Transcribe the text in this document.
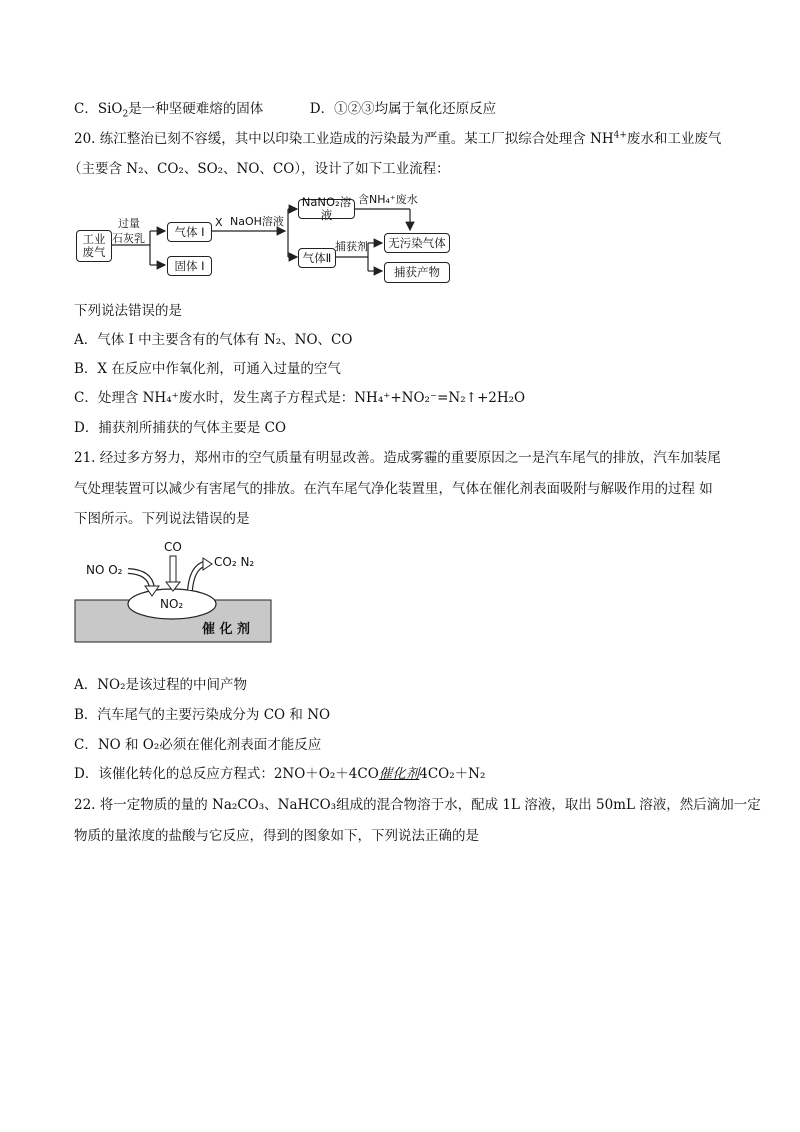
C．SiO$_2$是一种坚硬难熔的固体	D．①②③均属于氧化还原反应
20. 练江整治已刻不容缓，其中以印染工业造成的污染最为严重。某工厂拟综合处理含 $NH^{4+}$废水和工业废气
（主要含 N₂、CO₂、SO₂、NO、CO），设计了如下工业流程：
工业
废气
过量
石灰乳	气体 I
固体 I
X NaOH溶液
NaNO₂溶液
含NH₄⁺废水
气体Ⅱ
捕获剂	无污染气体
捕获产物
下列说法错误的是
A．气体 I 中主要含有的气体有 N₂、NO、CO
B．X 在反应中作氧化剂，可通入过量的空气
C．处理含 NH₄⁺废水时，发生离子方程式是：NH₄⁺+NO₂⁻=N₂↑+2H₂O
D．捕获剂所捕获的气体主要是 CO
21. 经过多方努力，郑州市的空气质量有明显改善。造成雾霾的重要原因之一是汽车尾气的排放，汽车加装尾
气处理装置可以减少有害尾气的排放。在汽车尾气净化装置里，气体在催化剂表面吸附与解吸作用的过程 如
下图所示。下列说法错误的是
CO
NO O₂
CO₂ N₂
NO₂
催 化 剂
A．NO₂是该过程的中间产物
B．汽车尾气的主要污染成分为 CO 和 NO
C．NO 和 O₂必须在催化剂表面才能反应
D．该催化转化的总反应方程式：2NO＋O₂＋4CO催化剂4CO₂＋N₂
22. 将一定物质的量的 Na₂CO₃、NaHCO₃组成的混合物溶于水，配成 1L 溶液，取出 50mL 溶液，然后滴加一定
物质的量浓度的盐酸与它反应，得到的图象如下，下列说法正确的是
